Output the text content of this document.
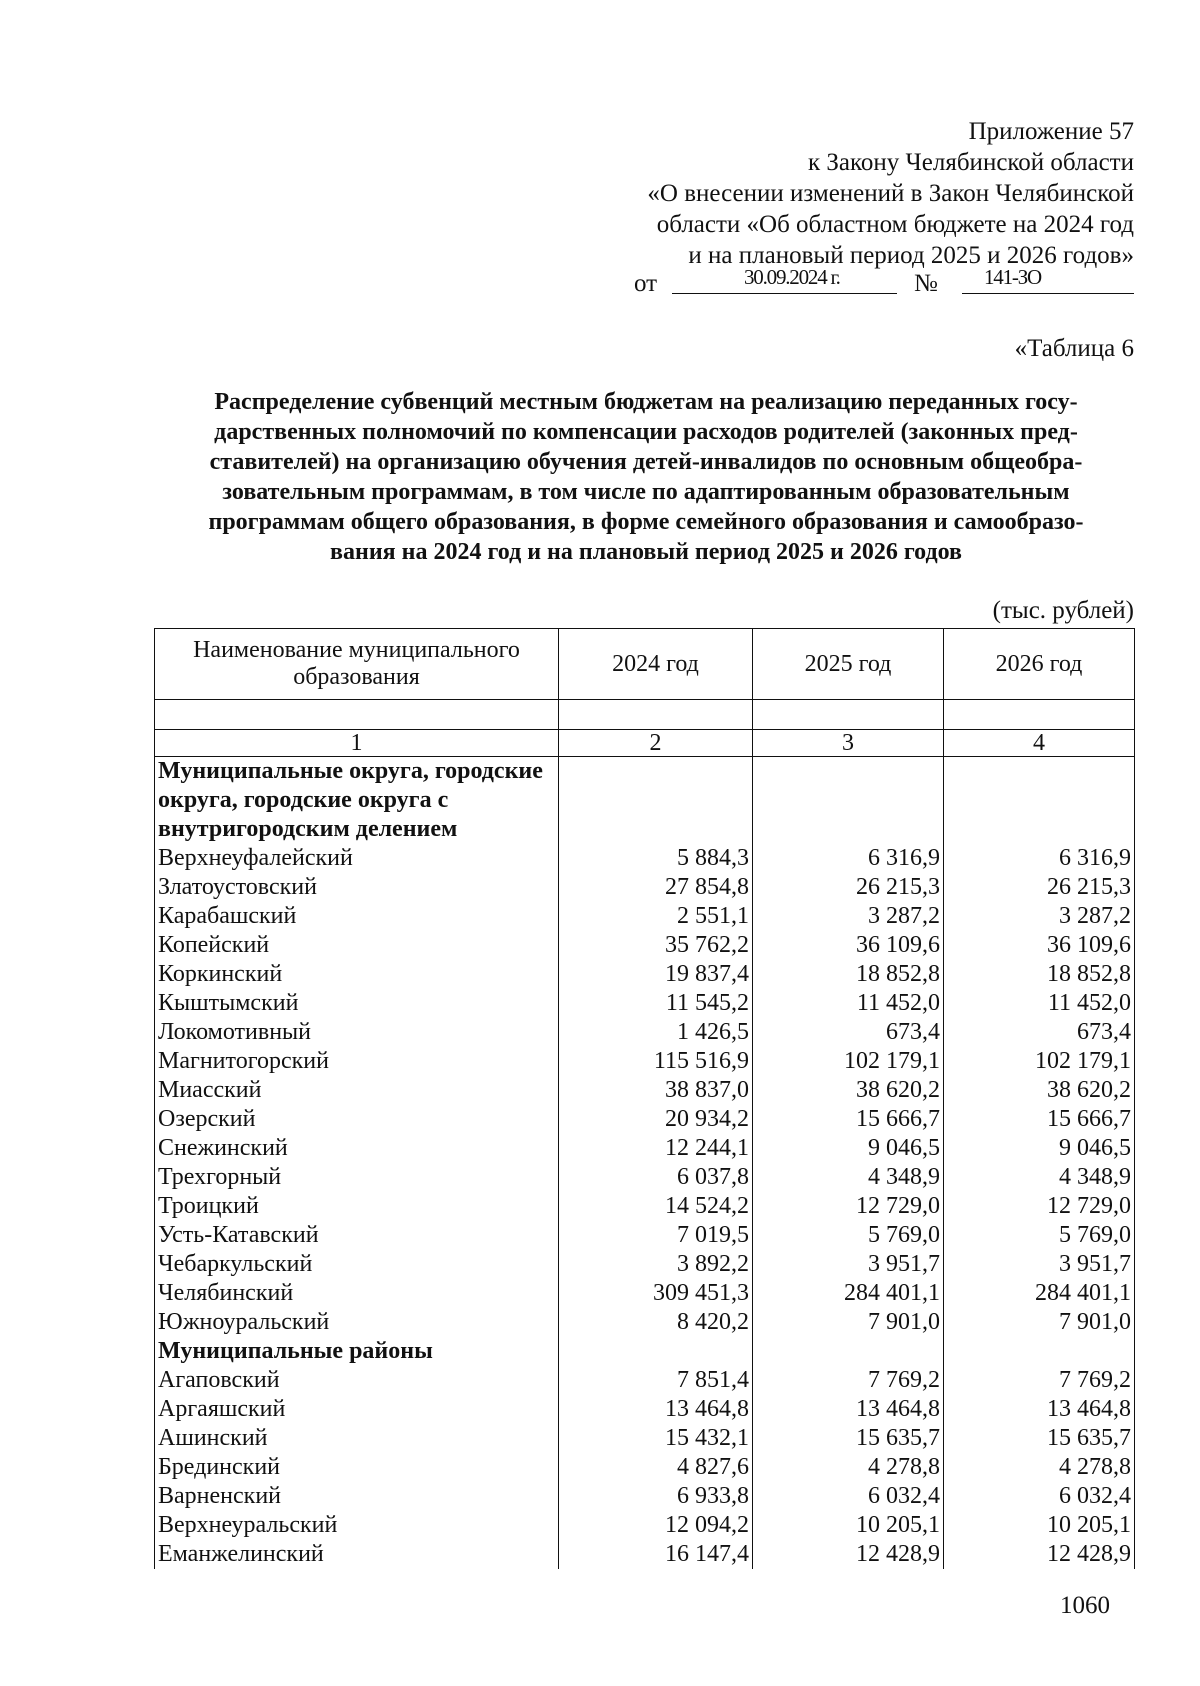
Приложение 57
к Закону Челябинской области
«О внесении изменений в Закон Челябинской
области «Об областном бюджете на 2024 год
и на плановый период 2025 и 2026 годов»
от	30.09.2024 г.	№ 141-ЗО
«Таблица 6
Распределение субвенций местным бюджетам на реализацию переданных госу-
дарственных полномочий по компенсации расходов родителей (законных пред-
ставителей) на организацию обучения детей-инвалидов по основным общеобра-
зовательным программам, в том числе по адаптированным образовательным
программам общего образования, в форме семейного образования и самообразо-
вания на 2024 год и на плановый период 2025 и 2026 годов
(тыс. рублей)
Наименование муниципального образования	2024 год	2025 год	2026 год

1	2	3	4
Муниципальные округа, городские округа, городские округа с внутригородским делением			
Верхнеуфалейский	5 884,3	6 316,9	6 316,9
Златоустовский	27 854,8	26 215,3	26 215,3
Карабашский	2 551,1	3 287,2	3 287,2
Копейский	35 762,2	36 109,6	36 109,6
Коркинский	19 837,4	18 852,8	18 852,8
Кыштымский	11 545,2	11 452,0	11 452,0
Локомотивный	1 426,5	673,4	673,4
Магнитогорский	115 516,9	102 179,1	102 179,1
Миасский	38 837,0	38 620,2	38 620,2
Озерский	20 934,2	15 666,7	15 666,7
Снежинский	12 244,1	9 046,5	9 046,5
Трехгорный	6 037,8	4 348,9	4 348,9
Троицкий	14 524,2	12 729,0	12 729,0
Усть-Катавский	7 019,5	5 769,0	5 769,0
Чебаркульский	3 892,2	3 951,7	3 951,7
Челябинский	309 451,3	284 401,1	284 401,1
Южноуральский	8 420,2	7 901,0	7 901,0
Муниципальные районы			
Агаповский	7 851,4	7 769,2	7 769,2
Аргаяшский	13 464,8	13 464,8	13 464,8
Ашинский	15 432,1	15 635,7	15 635,7
Брединский	4 827,6	4 278,8	4 278,8
Варненский	6 933,8	6 032,4	6 032,4
Верхнеуральский	12 094,2	10 205,1	10 205,1
Еманжелинский	16 147,4	12 428,9	12 428,9
1060
